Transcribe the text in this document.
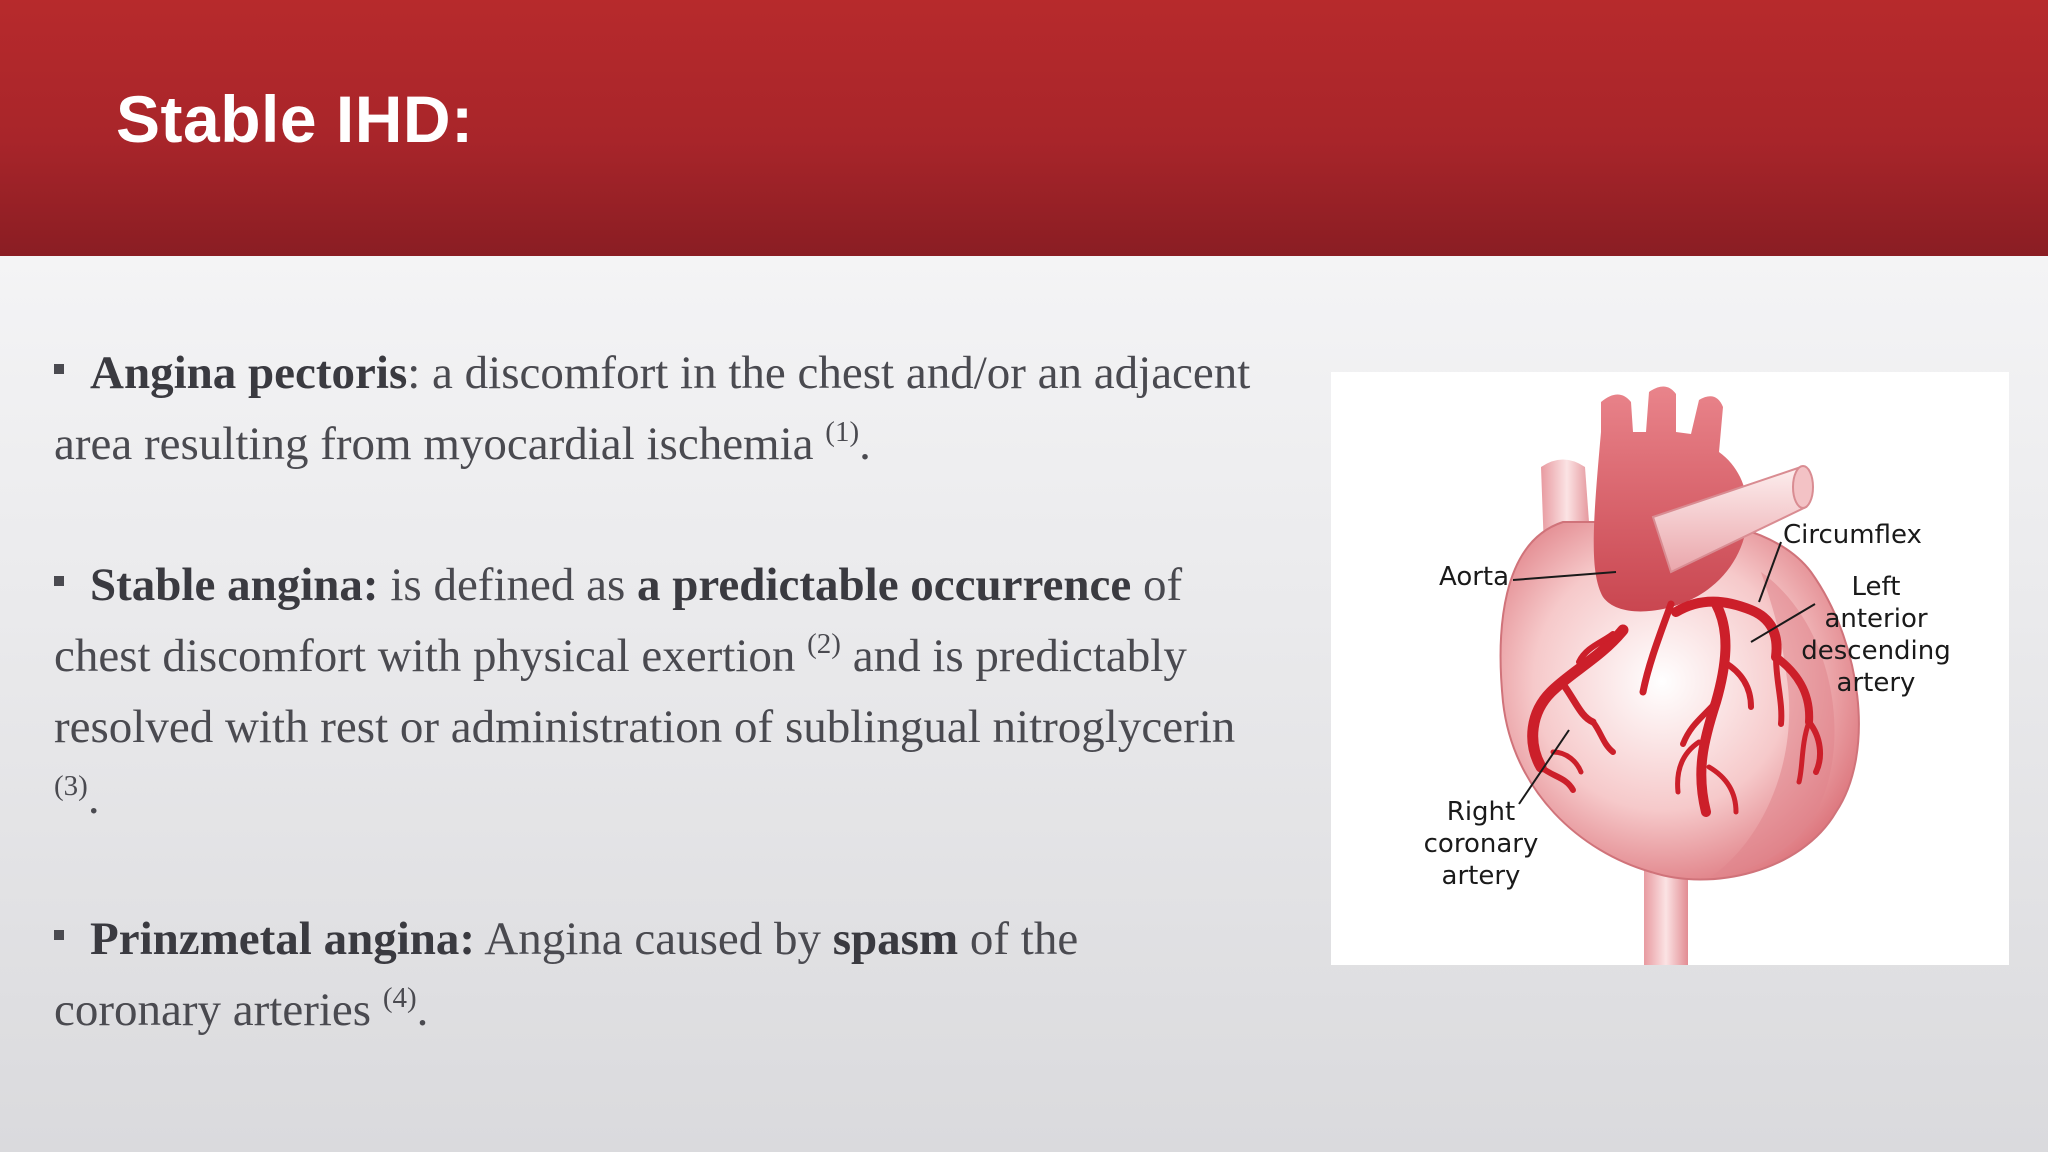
Stable IHD:

Angina pectoris: a discomfort in the chest and/or an adjacent area resulting from myocardial ischemia $^{(1)}$.

Stable angina: is defined as a predictable occurrence of chest discomfort with physical exertion $^{(2)}$ and is predictably resolved with rest or administration of sublingual nitroglycerin $^{(3)}$.

Prinzmetal angina: Angina caused by spasm of the coronary arteries $^{(4)}$.

Aorta

Circumflex

Left

anterior

descending

artery

Right

coronary

artery
